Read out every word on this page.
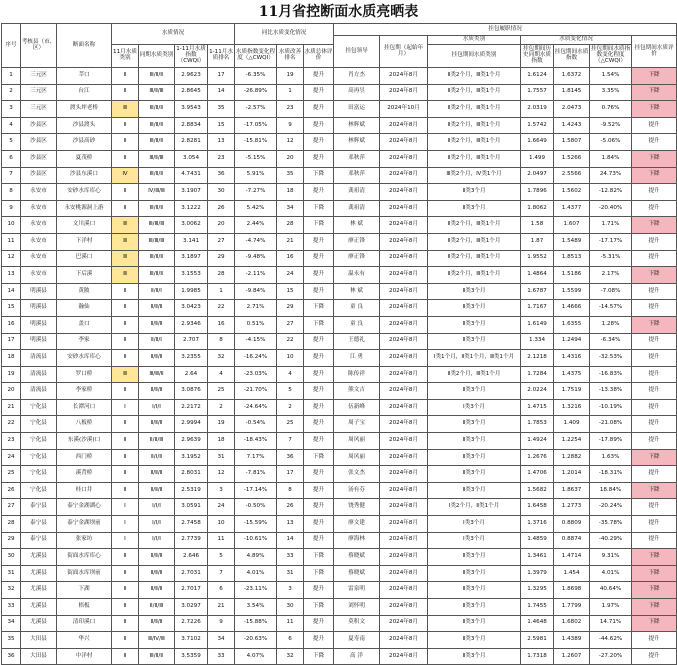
11月省控断面水质亮晒表
序号	考核县（市、区）	断面名称	水质情况				同比水质变化情况			挂包履职情况						
										挂包领导	挂包期（起始年月）	水质类别	水质变化情况			挂包期间水质评价
			11月水质类别	同期水质类别	1-11月水质指数（CWQI）	1-11月水质排名	水质指数变化程度（△CWQI）	水质改善排名	水质总体评价			挂包期间水质类别	挂包期间历史同期水质指数	挂包期间水质指数	挂包期间水质指数变化程度（△CWQI）	
1	三元区	莘口	Ⅱ	Ⅲ/Ⅱ/Ⅱ	2.9623	17	-6.35%	19	提升	肖方杰	2024年8月	Ⅱ类2个月，Ⅲ类1个月	1.6124	1.6372	1.54%	下降
2	三元区	台江	Ⅱ	Ⅲ/Ⅱ/Ⅲ	2.8645	14	-26.89%	1	提升	高再昱	2024年8月	Ⅱ类2个月，Ⅲ类1个月	1.7557	1.8145	3.35%	下降
3	三元区	渡头坪老桥	Ⅲ	Ⅲ/Ⅱ/Ⅱ	3.9543	35	-2.57%	23	提升	田富运	2024年10月	Ⅱ类2个月，Ⅲ类1个月	2.0319	2.0473	0.76%	下降
4	沙县区	沙县渡头	Ⅱ	Ⅲ/Ⅱ/Ⅱ	2.8834	15	-17.05%	9	提升	林辉斌	2024年8月	Ⅱ类2个月，Ⅲ类1个月	1.5742	1.4243	-9.52%	提升
5	沙县区	沙县高砂	Ⅱ	Ⅲ/Ⅱ/Ⅱ	2.8281	13	-15.81%	12	提升	林辉斌	2024年8月	Ⅱ类2个月，Ⅲ类1个月	1.6649	1.5807	-5.06%	提升
6	沙县区	夏茂桥	Ⅱ	Ⅲ/Ⅱ/Ⅲ	3.054	23	-5.15%	20	提升	邓秋萍	2024年8月	Ⅱ类2个月，Ⅲ类1个月	1.499	1.5266	1.84%	下降
7	沙县区	沙县东溪口	Ⅳ	Ⅲ/Ⅱ/Ⅱ	4.7431	36	5.91%	35	下降	邓秋萍	2024年8月	Ⅲ类2个月，Ⅳ类1个月	2.0497	2.5566	24.73%	下降
8	永安市	安砂水库库心	Ⅱ	Ⅳ/Ⅲ/Ⅲ	3.1907	30	-7.27%	18	提升	龚祖清	2024年8月	Ⅱ类3个月	1.7896	1.5602	-12.82%	提升
9	永安市	永安桃源洞上游	Ⅱ	Ⅲ/Ⅱ/Ⅱ	3.1222	26	5.42%	34	下降	龚祖清	2024年8月	Ⅱ类3个月	1.8062	1.4377	-20.40%	提升
10	永安市	文川溪口	Ⅲ	Ⅲ/Ⅲ/Ⅲ	3.0062	20	2.44%	28	下降	林 斌	2024年8月	Ⅱ类2个月，Ⅲ类1个月	1.58	1.607	1.71%	下降
11	永安市	下洋村	Ⅲ	Ⅲ/Ⅲ/Ⅲ	3.141	27	-4.74%	21	提升	廖正锋	2024年8月	Ⅱ类2个月，Ⅲ类1个月	1.87	1.5489	-17.17%	提升
12	永安市	巴溪口	Ⅲ	Ⅲ/Ⅱ/Ⅱ	3.1897	29	-9.48%	16	提升	廖正锋	2024年8月	Ⅱ类2个月，Ⅲ类1个月	1.9552	1.8513	-5.31%	提升
13	永安市	下后溪	Ⅲ	Ⅲ/Ⅱ/Ⅱ	3.1553	28	-2.11%	24	提升	温永有	2024年8月	Ⅱ类2个月，Ⅲ类1个月	1.4864	1.5186	2.17%	下降
14	明溪县	黄陂	Ⅱ	Ⅱ/Ⅱ/Ⅰ	1.9985	1	-9.84%	15	提升	林 斌	2024年8月	Ⅱ类3个月	1.6787	1.5599	-7.08%	提升
15	明溪县	瀚仙	Ⅱ	Ⅱ/Ⅱ/Ⅱ	3.0423	22	2.71%	29	下降	童 良	2024年8月	Ⅱ类3个月	1.7167	1.4666	-14.57%	提升
16	明溪县	盖口	Ⅱ	Ⅱ/Ⅱ/Ⅱ	2.9346	16	0.51%	27	下降	童 良	2024年8月	Ⅱ类3个月	1.6149	1.6355	1.28%	下降
17	明溪县	李家	Ⅱ	Ⅱ/Ⅱ/Ⅰ	2.707	8	-4.15%	22	提升	王德礼	2024年8月	Ⅱ类3个月	1.334	1.2494	-6.34%	提升
18	清流县	安砂水库库心	Ⅱ	Ⅱ/Ⅱ/Ⅱ	3.2355	32	-16.24%	10	提升	江 勇	2024年8月	Ⅰ类1个月，Ⅱ类1个月，Ⅲ类1个月	2.1218	1.4316	-32.53%	提升
19	清流县	罗口桥	Ⅲ	Ⅲ/Ⅲ/Ⅱ	2.64	4	-23.03%	4	提升	陈传祥	2024年8月	Ⅱ类2个月，Ⅲ类1个月	1.7284	1.4375	-16.83%	提升
20	清流县	李家桥	Ⅱ	Ⅱ/Ⅱ/Ⅱ	3.0876	25	-21.70%	5	提升	熊文吉	2024年8月	Ⅱ类3个月	2.0224	1.7519	-13.38%	提升
21	宁化县	长潭河口	Ⅰ	Ⅰ/Ⅰ/Ⅰ	2.2172	2	-24.64%	2	提升	伍新峰	2024年8月	Ⅰ类3个月	1.4715	1.3216	-10.19%	提升
22	宁化县	八板桥	Ⅱ	Ⅱ/Ⅱ/Ⅱ	2.9994	19	-0.54%	25	提升	周子宝	2024年8月	Ⅱ类3个月	1.7853	1.409	-21.08%	提升
23	宁化县	东溪(沙溪)口	Ⅱ	Ⅱ/Ⅱ/Ⅲ	2.9639	18	-18.43%	7	提升	周风丽	2024年8月	Ⅱ类3个月	1.4924	1.2254	-17.89%	提升
24	宁化县	西门桥	Ⅱ	Ⅱ/Ⅰ/Ⅱ	3.1952	31	7.17%	36	下降	周风丽	2024年8月	Ⅱ类3个月	1.2676	1.2882	1.63%	下降
25	宁化县	溪背桥	Ⅱ	Ⅱ/Ⅱ/Ⅱ	2.8031	12	-7.81%	17	提升	张文杰	2024年8月	Ⅱ类3个月	1.4706	1.2014	-18.31%	提升
26	宁化县	桂口井	Ⅱ	Ⅱ/Ⅱ/Ⅱ	2.5319	3	-17.14%	8	提升	汤有芬	2024年8月	Ⅱ类3个月	1.5682	1.8637	18.84%	下降
27	泰宁县	泰宁金湖湖心	Ⅰ	Ⅰ/Ⅰ/Ⅰ	3.0591	24	-0.50%	26	提升	饶秀健	2024年8月	Ⅰ类2个月，Ⅱ类1个月	1.6458	1.2773	-20.24%	提升
28	泰宁县	泰宁金湖坝前	Ⅰ	Ⅰ/Ⅰ/Ⅰ	2.7458	10	-15.59%	13	提升	廖文建	2024年8月	Ⅰ类3个月	1.3716	0.8809	-35.78%	提升
29	泰宁县	张家坊	Ⅰ	Ⅰ/Ⅰ/Ⅰ	2.7739	11	-10.61%	14	提升	廖海林	2024年8月	Ⅰ类3个月	1.4859	0.8874	-40.29%	提升
30	尤溪县	街面水库库心	Ⅱ	Ⅱ/Ⅱ/Ⅱ	2.646	5	4.89%	33	下降	蔡晓斌	2024年8月	Ⅱ类3个月	1.3461	1.4714	9.31%	下降
31	尤溪县	街面水库坝前	Ⅱ	Ⅱ/Ⅱ/Ⅱ	2.7031	7	4.01%	31	下降	蔡晓斌	2024年8月	Ⅱ类3个月	1.3979	1.454	4.01%	下降
32	尤溪县	下湖	Ⅱ	Ⅱ/Ⅱ/Ⅱ	2.7017	6	-23.11%	3	提升	雷泉明	2024年8月	Ⅱ类3个月	1.3295	1.8698	40.64%	下降
33	尤溪县	梧板	Ⅱ	Ⅱ/Ⅱ/Ⅲ	3.0297	21	3.54%	30	下降	刘怀明	2024年8月	Ⅱ类3个月	1.7455	1.7799	1.97%	下降
34	尤溪县	清印溪口	Ⅱ	Ⅱ/Ⅱ/Ⅱ	2.7226	9	-15.88%	11	提升	莫积文	2024年8月	Ⅱ类3个月	1.4648	1.6802	14.71%	下降
35	大田县	华兴	Ⅱ	Ⅲ/Ⅳ/Ⅲ	3.7102	34	-20.63%	6	提升	夏寿南	2024年8月	Ⅱ类3个月	2.5981	1.4389	-44.62%	提升
36	大田县	中洋村	Ⅱ	Ⅲ/Ⅱ/Ⅱ	3.5359	33	4.07%	32	下降	高 洋	2024年8月	Ⅱ类3个月	1.7318	1.2607	-27.20%	提升
